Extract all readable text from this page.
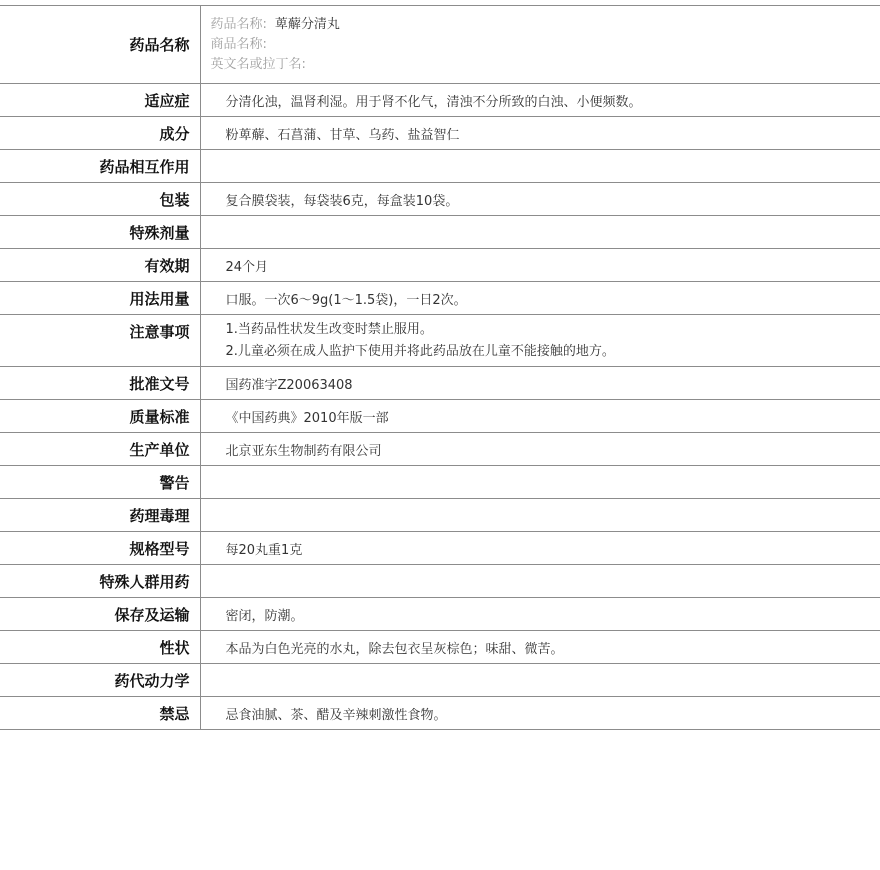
药品名称	药品名称: 萆薢分清丸
商品名称:
英文名或拉丁名:

适应症	分清化浊，温肾利湿。用于肾不化气，清浊不分所致的白浊、小便频数。
成分	粉萆薢、石菖蒲、甘草、乌药、盐益智仁
药品相互作用	
包装	复合膜袋装，每袋装6克，每盒装10袋。
特殊剂量	
有效期	24个月
用法用量	口服。一次6～9g(1～1.5袋)，一日2次。
注意事项	1.当药品性状发生改变时禁止服用。
2.儿童必须在成人监护下使用并将此药品放在儿童不能接触的地方。

批准文号	国药准字Z20063408
质量标准	《中国药典》2010年版一部
生产单位	北京亚东生物制药有限公司
警告	
药理毒理	
规格型号	每20丸重1克
特殊人群用药	
保存及运输	密闭，防潮。
性状	本品为白色光亮的水丸，除去包衣呈灰棕色；味甜、微苦。
药代动力学	
禁忌	忌食油腻、茶、醋及辛辣刺激性食物。
